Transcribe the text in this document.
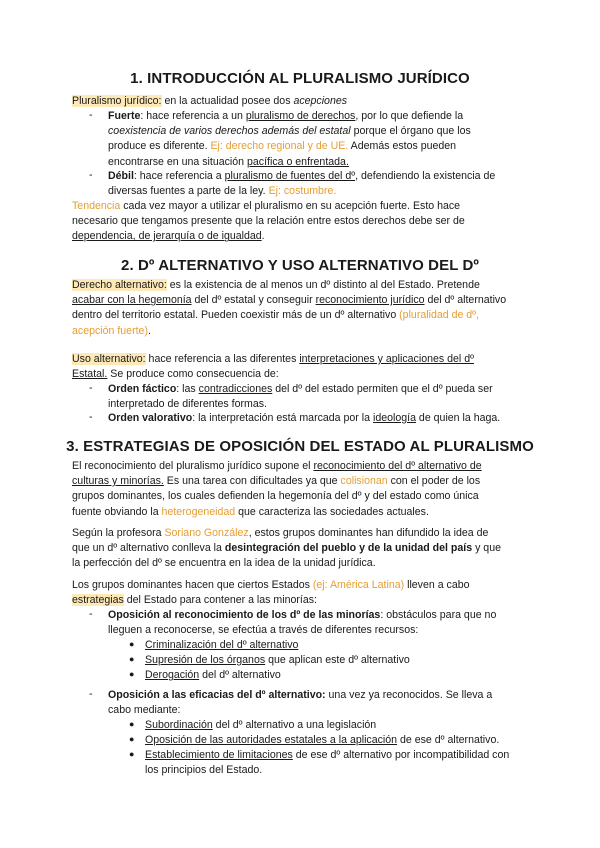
1. INTRODUCCIÓN AL PLURALISMO JURÍDICO
Pluralismo jurídico: en la actualidad posee dos acepciones
- Fuerte: hace referencia a un pluralismo de derechos, por lo que defiende la
coexistencia de varios derechos además del estatal porque el órgano que los
produce es diferente. Ej: derecho regional y de UE. Además estos pueden
encontrarse en una situación pacífica o enfrentada.
- Débil: hace referencia a pluralismo de fuentes del dº, defendiendo la existencia de
diversas fuentes a parte de la ley. Ej: costumbre.
Tendencia cada vez mayor a utilizar el pluralismo en su acepción fuerte. Esto hace
necesario que tengamos presente que la relación entre estos derechos debe ser de
dependencia, de jerarquía o de igualdad.
2. Dº ALTERNATIVO Y USO ALTERNATIVO DEL Dº
Derecho alternativo: es la existencia de al menos un dº distinto al del Estado. Pretende
acabar con la hegemonía del dº estatal y conseguir reconocimiento jurídico del dº alternativo
dentro del territorio estatal. Pueden coexistir más de un dº alternativo (pluralidad de dº,
acepción fuerte).
Uso alternativo: hace referencia a las diferentes interpretaciones y aplicaciones del dº
Estatal. Se produce como consecuencia de:
- Orden fáctico: las contradicciones del dº del estado permiten que el dº pueda ser
interpretado de diferentes formas.
- Orden valorativo: la interpretación está marcada por la ideología de quien la haga.
3. ESTRATEGIAS DE OPOSICIÓN DEL ESTADO AL PLURALISMO
El reconocimiento del pluralismo jurídico supone el reconocimiento del dº alternativo de
culturas y minorías. Es una tarea con dificultades ya que colisionan con el poder de los
grupos dominantes, los cuales defienden la hegemonía del dº y del estado como única
fuente obviando la heterogeneidad que caracteriza las sociedades actuales.
Según la profesora Soriano González, estos grupos dominantes han difundido la idea de
que un dº alternativo conlleva la desintegración del pueblo y de la unidad del país y que
la perfección del dº se encuentra en la idea de la unidad jurídica.
Los grupos dominantes hacen que ciertos Estados (ej: América Latina) lleven a cabo
estrategias del Estado para contener a las minorías:
- Oposición al reconocimiento de los dº de las minorías: obstáculos para que no
lleguen a reconocerse, se efectúa a través de diferentes recursos:
● Criminalización del dº alternativo
● Supresión de los órganos que aplican este dº alternativo
● Derogación del dº alternativo
- Oposición a las eficacias del dº alternativo: una vez ya reconocidos. Se lleva a
cabo mediante:
● Subordinación del dº alternativo a una legislación
● Oposición de las autoridades estatales a la aplicación de ese dº alternativo.
● Establecimiento de limitaciones de ese dº alternativo por incompatibilidad con
los principios del Estado.
